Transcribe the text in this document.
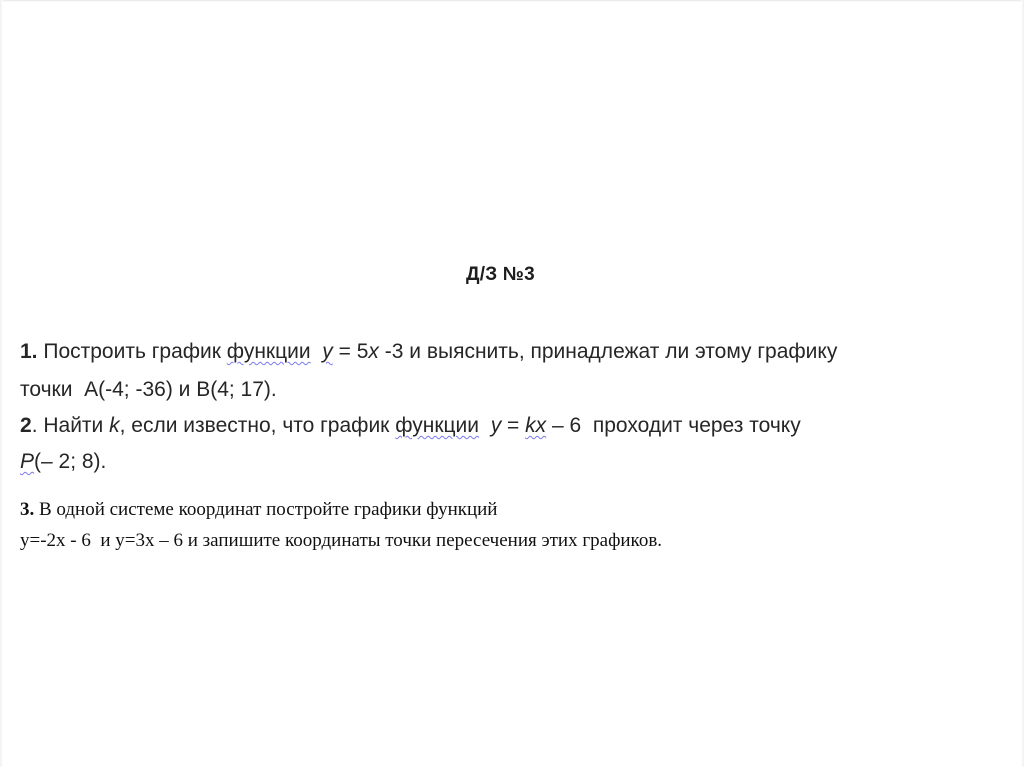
Д/З №3
1. Построить график функции y = 5x -3 и выяснить, принадлежат ли этому графику
точки  А(-4; -36) и В(4; 17).
2. Найти k, если известно, что график функции y = kx – 6  проходит через точку
P(– 2; 8).
3. В одной системе координат постройте графики функций
y=-2x - 6  и y=3x – 6 и запишите координаты точки пересечения этих графиков.
